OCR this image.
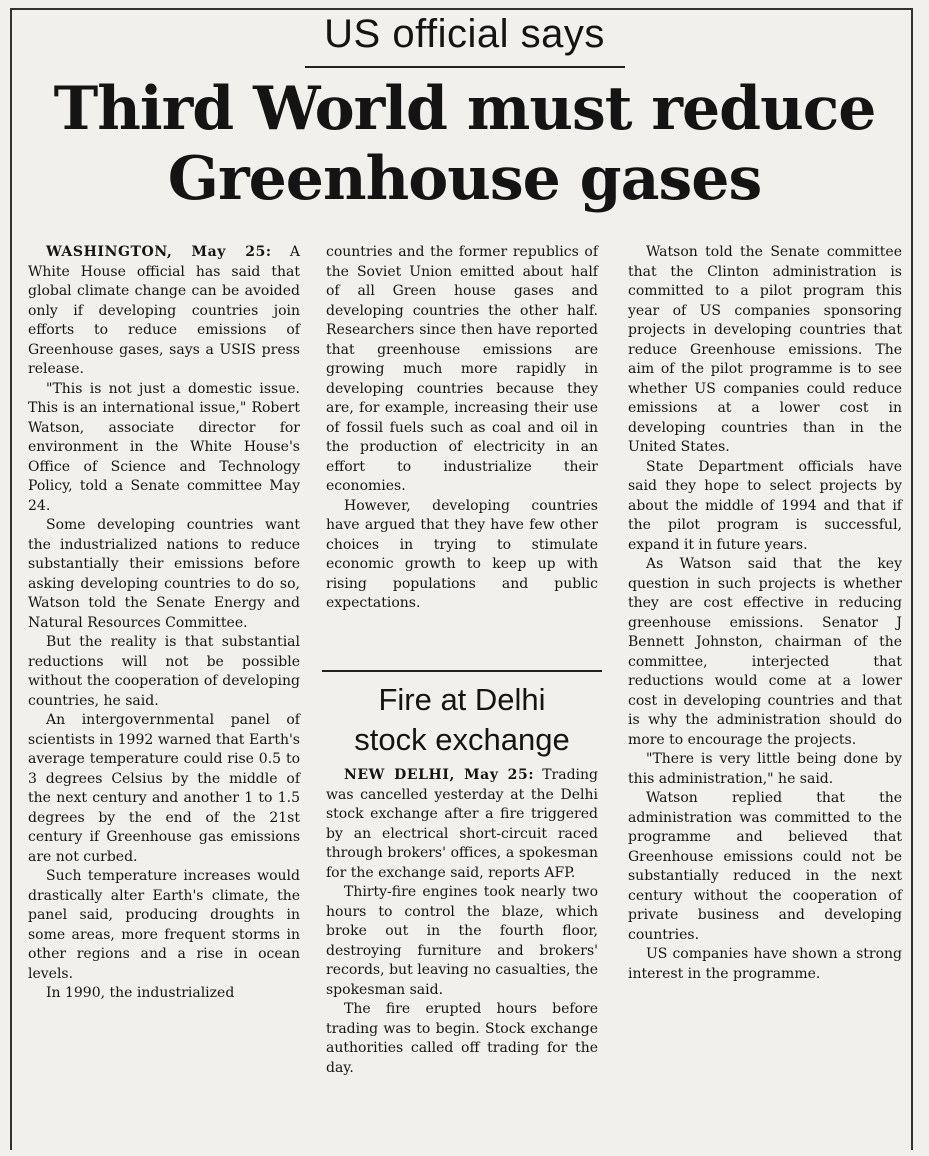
US official says
Third World must reduce
Greenhouse gases

WASHINGTON, May 25: A White House official has said that global climate change can be avoided only if developing countries join efforts to reduce emissions of Greenhouse gases, says a USIS press release.

"This is not just a domestic issue. This is an international issue," Robert Watson, associate director for environment in the White House's Office of Science and Technology Policy, told a Senate committee May 24.

Some developing countries want the industrialized nations to reduce substantially their emissions before asking developing countries to do so, Watson told the Senate Energy and Natural Resources Committee.

But the reality is that substantial reductions will not be possible without the cooperation of developing countries, he said.

An intergovernmental panel of scientists in 1992 warned that Earth's average temperature could rise 0.5 to 3 degrees Celsius by the middle of the next century and another 1 to 1.5 degrees by the end of the 21st century if Greenhouse gas emissions are not curbed.

Such temperature increases would drastically alter Earth's climate, the panel said, producing droughts in some areas, more frequent storms in other regions and a rise in ocean levels.

In 1990, the industrialized

countries and the former republics of the Soviet Union emitted about half of all Green house gases and developing countries the other half. Researchers since then have reported that greenhouse emissions are growing much more rapidly in developing countries because they are, for example, increasing their use of fossil fuels such as coal and oil in the production of electricity in an effort to industrialize their economies.

However, developing countries have argued that they have few other choices in trying to stimulate economic growth to keep up with rising populations and public expectations.

Fire at Delhi
stock exchange

NEW DELHI, May 25: Trading was cancelled yesterday at the Delhi stock exchange after a fire triggered by an electrical short-circuit raced through brokers' offices, a spokesman for the exchange said, reports AFP.

Thirty-fire engines took nearly two hours to control the blaze, which broke out in the fourth floor, destroying furniture and brokers' records, but leaving no casualties, the spokesman said.

The fire erupted hours before trading was to begin. Stock exchange authorities called off trading for the day.

Watson told the Senate committee that the Clinton administration is committed to a pilot program this year of US companies sponsoring projects in developing countries that reduce Greenhouse emissions. The aim of the pilot programme is to see whether US companies could reduce emissions at a lower cost in developing countries than in the United States.

State Department officials have said they hope to select projects by about the middle of 1994 and that if the pilot program is successful, expand it in future years.

As Watson said that the key question in such projects is whether they are cost effective in reducing greenhouse emissions. Senator J Bennett Johnston, chairman of the committee, interjected that reductions would come at a lower cost in developing countries and that is why the administration should do more to encourage the projects.

"There is very little being done by this administration," he said.

Watson replied that the administration was committed to the programme and believed that Greenhouse emissions could not be substantially reduced in the next century without the cooperation of private business and developing countries.

US companies have shown a strong interest in the programme.
